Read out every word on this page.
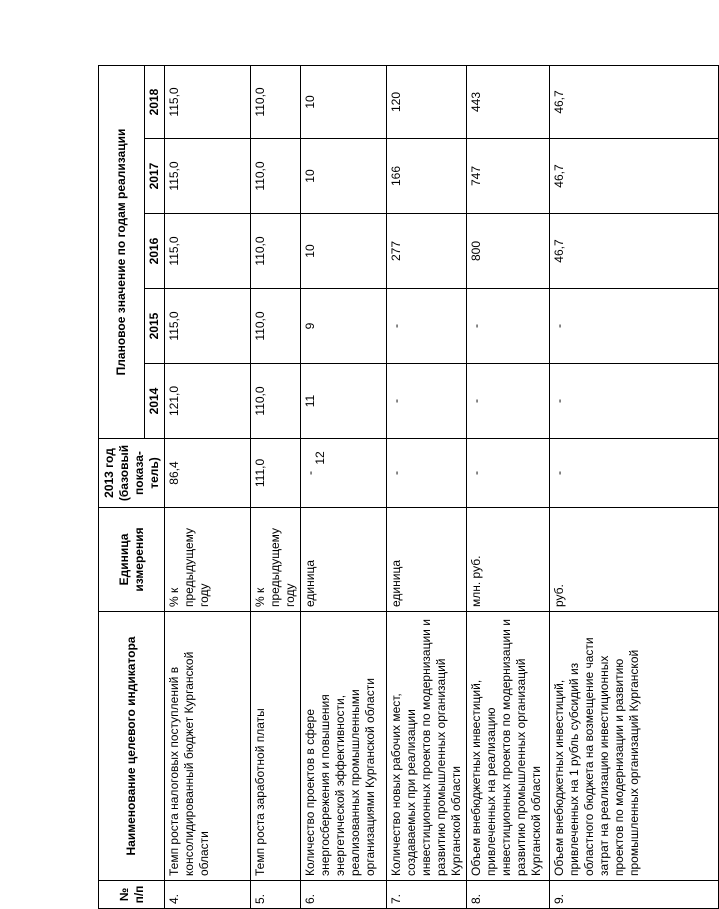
12
№ п/п	Наименование целевого индикатора	Единица измерения	2013 год (базовый показа-тель)	Плановое значение по годам реализации				
				2014	2015	2016	2017	2018
4.	Темп роста налоговых поступлений в консолидированный бюджет Курганской области	% к предыдущему году	86,4	121,0	115,0	115,0	115,0	115,0
5.	Темп роста заработной платы	% к предыдущему году	111,0	110,0	110,0	110,0	110,0	110,0
6.	Количество проектов в сфере энергосбережения и повышения энергетической эффективности, реализованных промышленными организациями Курганской области	единица	-	11	9	10	10	10
7.	Количество новых рабочих мест, создаваемых при реализации инвестиционных проектов по модернизации и развитию промышленных организаций Курганской области	единица	-	-	-	277	166	120
8.	Объем внебюджетных инвестиций, привлеченных на реализацию инвестиционных проектов по модернизации и развитию промышленных организаций Курганской области	млн. руб.	-	-	-	800	747	443
9.	Объем внебюджетных инвестиций, привлеченных на 1 рубль субсидий из областного бюджета на возмещение части затрат на реализацию инвестиционных проектов по модернизации и развитию промышленных организаций Курганской	руб.	-	-	-	46,7	46,7	46,7
